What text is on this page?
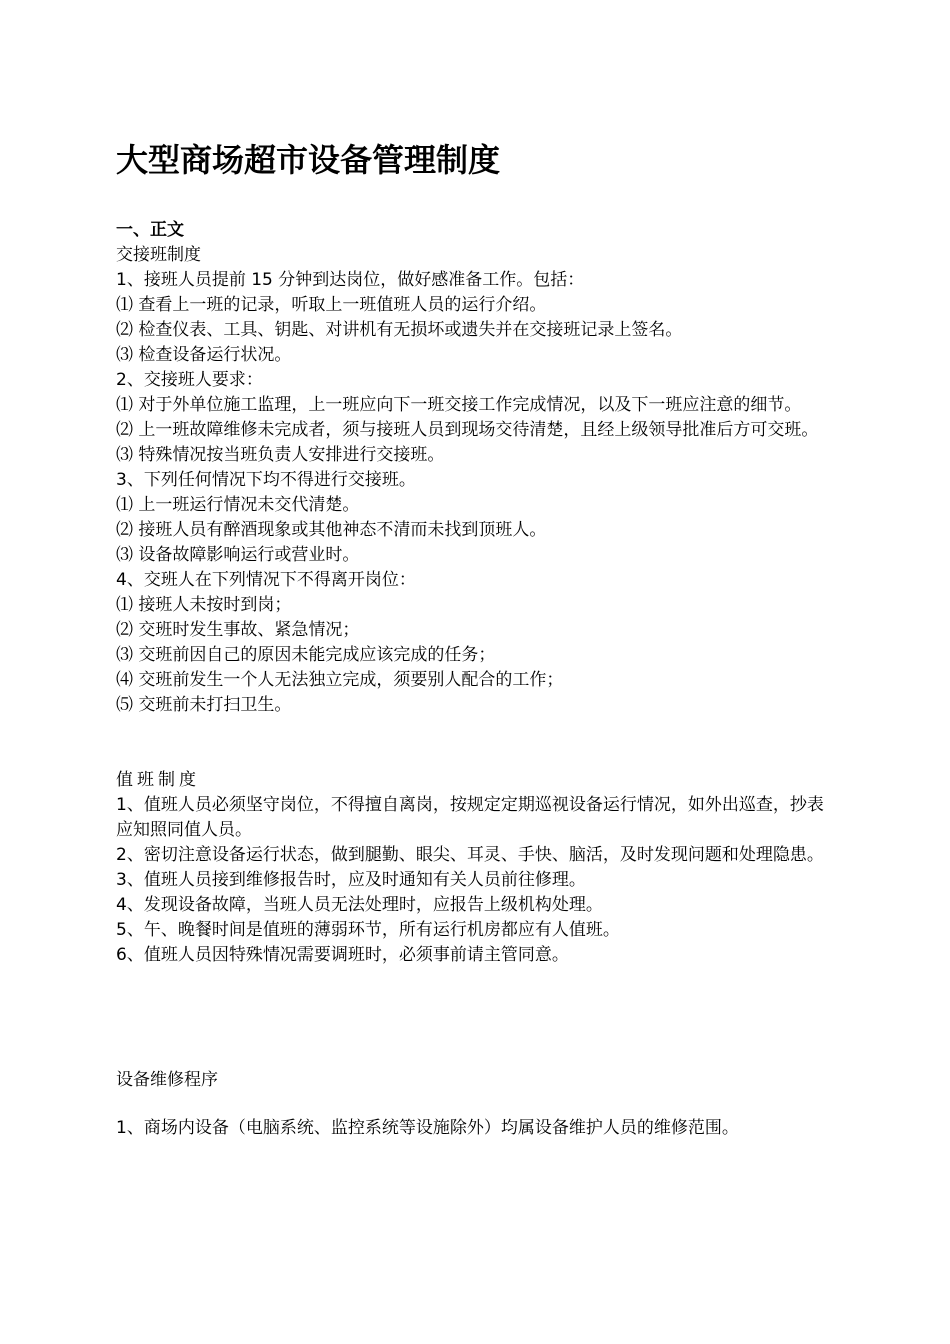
大型商场超市设备管理制度
一、正文
交接班制度
1、接班人员提前 15 分钟到达岗位，做好感准备工作。包括：
⑴ 查看上一班的记录，听取上一班值班人员的运行介绍。
⑵ 检查仪表、工具、钥匙、对讲机有无损坏或遗失并在交接班记录上签名。
⑶ 检查设备运行状况。
2、交接班人要求：
⑴ 对于外单位施工监理，上一班应向下一班交接工作完成情况，以及下一班应注意的细节。
⑵ 上一班故障维修未完成者，须与接班人员到现场交待清楚，且经上级领导批准后方可交班。
⑶ 特殊情况按当班负责人安排进行交接班。
3、下列任何情况下均不得进行交接班。
⑴ 上一班运行情况未交代清楚。
⑵ 接班人员有醉酒现象或其他神态不清而未找到顶班人。
⑶ 设备故障影响运行或营业时。
4、交班人在下列情况下不得离开岗位：
⑴ 接班人未按时到岗；
⑵ 交班时发生事故、紧急情况；
⑶ 交班前因自己的原因未能完成应该完成的任务；
⑷ 交班前发生一个人无法独立完成，须要别人配合的工作；
⑸ 交班前未打扫卫生。
值班制度
1、值班人员必须坚守岗位，不得擅自离岗，按规定定期巡视设备运行情况，如外出巡查，抄表应知照同值人员。
2、密切注意设备运行状态，做到腿勤、眼尖、耳灵、手快、脑活，及时发现问题和处理隐患。
3、值班人员接到维修报告时，应及时通知有关人员前往修理。
4、发现设备故障，当班人员无法处理时，应报告上级机构处理。
5、午、晚餐时间是值班的薄弱环节，所有运行机房都应有人值班。
6、值班人员因特殊情况需要调班时，必须事前请主管同意。
设备维修程序
1、商场内设备（电脑系统、监控系统等设施除外）均属设备维护人员的维修范围。
